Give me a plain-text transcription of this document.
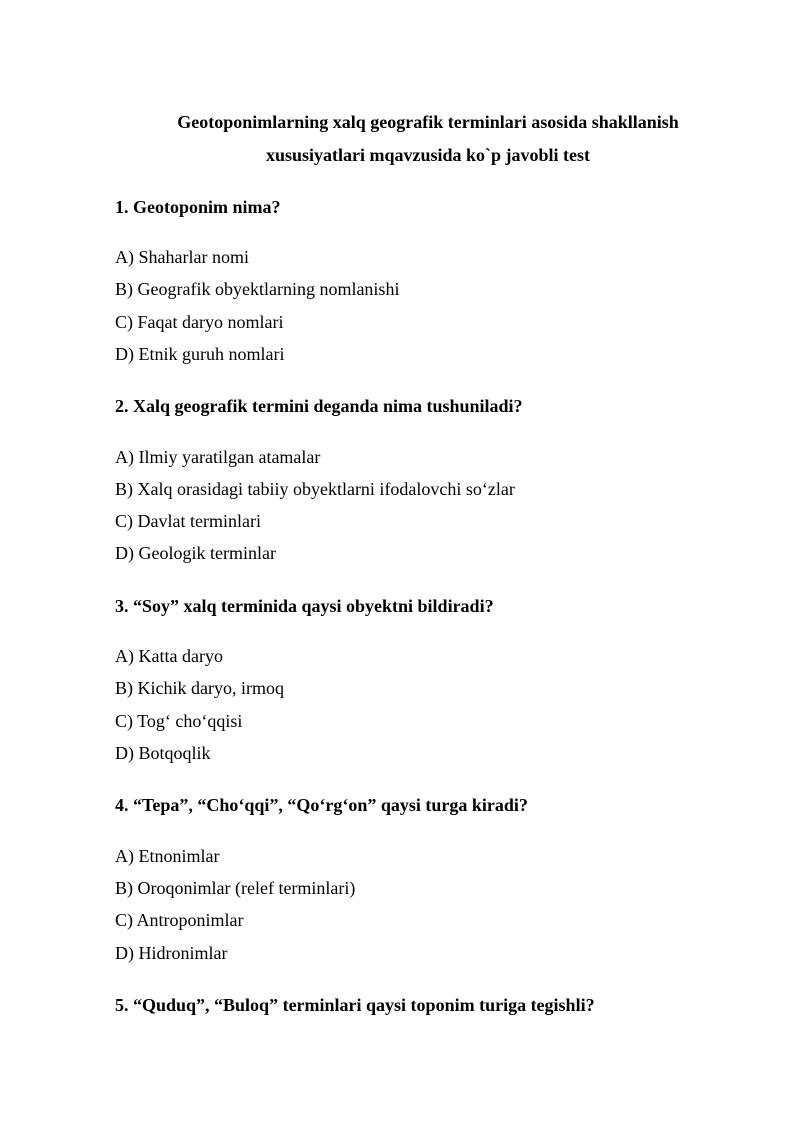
Geotoponimlarning xalq geografik terminlari asosida shakllanish
xususiyatlari mqavzusida ko`p javobli test

1. Geotoponim nima?

A) Shaharlar nomi

B) Geografik obyektlarning nomlanishi

C) Faqat daryo nomlari

D) Etnik guruh nomlari

2. Xalq geografik termini deganda nima tushuniladi?

A) Ilmiy yaratilgan atamalar

B) Xalq orasidagi tabiiy obyektlarni ifodalovchi so‘zlar

C) Davlat terminlari

D) Geologik terminlar

3. “Soy” xalq terminida qaysi obyektni bildiradi?

A) Katta daryo

B) Kichik daryo, irmoq

C) Tog‘ cho‘qqisi

D) Botqoqlik

4. “Tepa”, “Cho‘qqi”, “Qo‘rg‘on” qaysi turga kiradi?

A) Etnonimlar

B) Oroqonimlar (relef terminlari)

C) Antroponimlar

D) Hidronimlar

5. “Quduq”, “Buloq” terminlari qaysi toponim turiga tegishli?
